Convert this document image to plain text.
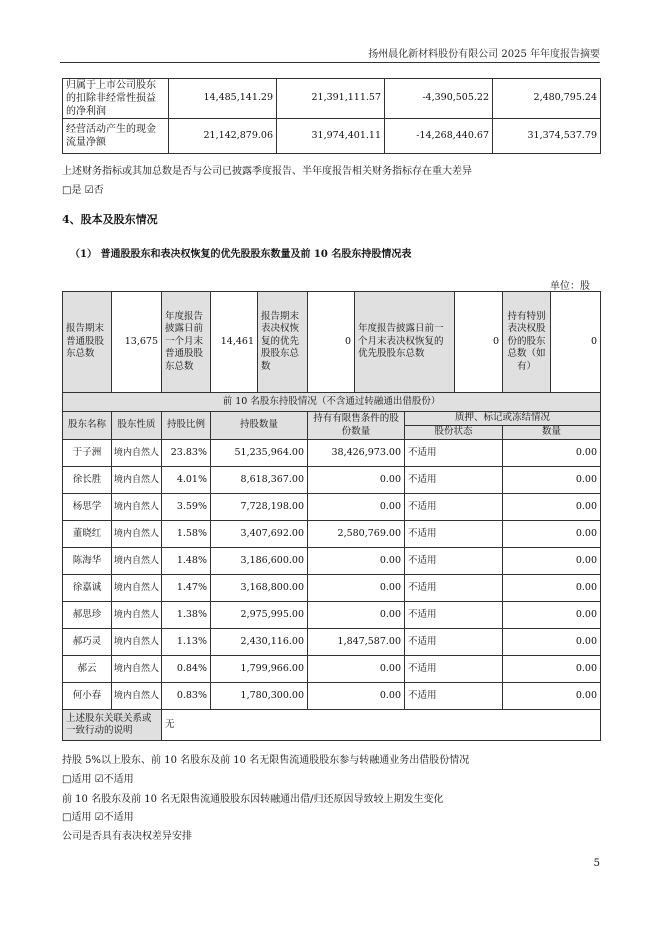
扬州晨化新材料股份有限公司 2025 年年度报告摘要
归属于上市公司股东的扣除非经常性损益的净利润	14,485,141.29	21,391,111.57	-4,390,505.22	2,480,795.24
经营活动产生的现金流量净额	21,142,879.06	31,974,401.11	-14,268,440.67	31,374,537.79
上述财务指标或其加总数是否与公司已披露季度报告、半年度报告相关财务指标存在重大差异
□是 ☑否
4、股本及股东情况
（1） 普通股股东和表决权恢复的优先股股东数量及前 10 名股东持股情况表
单位：股
报告期末普通股股东总数	13,675	年度报告披露日前一个月末普通股股东总数	14,461	报告期末表决权恢复的优先股股东总数	0	年度报告披露日前一个月末表决权恢复的优先股股东总数		0	持有特别表决权股份的股东总数（如有）	0
前 10 名股东持股情况（不含通过转融通出借股份）										
股东名称	股东性质	持股比例	持股数量		持有有限售条件的股份数量		质押、标记或冻结情况			
							股份状态		数量	
于子洲	境内自然人	23.83%	51,235,964.00		38,426,973.00		不适用		0.00	
徐长胜	境内自然人	4.01%	8,618,367.00		0.00		不适用		0.00	
杨思学	境内自然人	3.59%	7,728,198.00		0.00		不适用		0.00	
董晓红	境内自然人	1.58%	3,407,692.00		2,580,769.00		不适用		0.00	
陈海华	境内自然人	1.48%	3,186,600.00		0.00		不适用		0.00	
徐嘉诚	境内自然人	1.47%	3,168,800.00		0.00		不适用		0.00	
郝思珍	境内自然人	1.38%	2,975,995.00		0.00		不适用		0.00	
郝巧灵	境内自然人	1.13%	2,430,116.00		1,847,587.00		不适用		0.00	
郝云	境内自然人	0.84%	1,799,966.00		0.00		不适用		0.00	
何小春	境内自然人	0.83%	1,780,300.00		0.00		不适用		0.00	
上述股东关联关系或一致行动的说明		无								
持股 5%以上股东、前 10 名股东及前 10 名无限售流通股股东参与转融通业务出借股份情况
□适用 ☑不适用
前 10 名股东及前 10 名无限售流通股股东因转融通出借/归还原因导致较上期发生变化
□适用 ☑不适用
公司是否具有表决权差异安排
5
